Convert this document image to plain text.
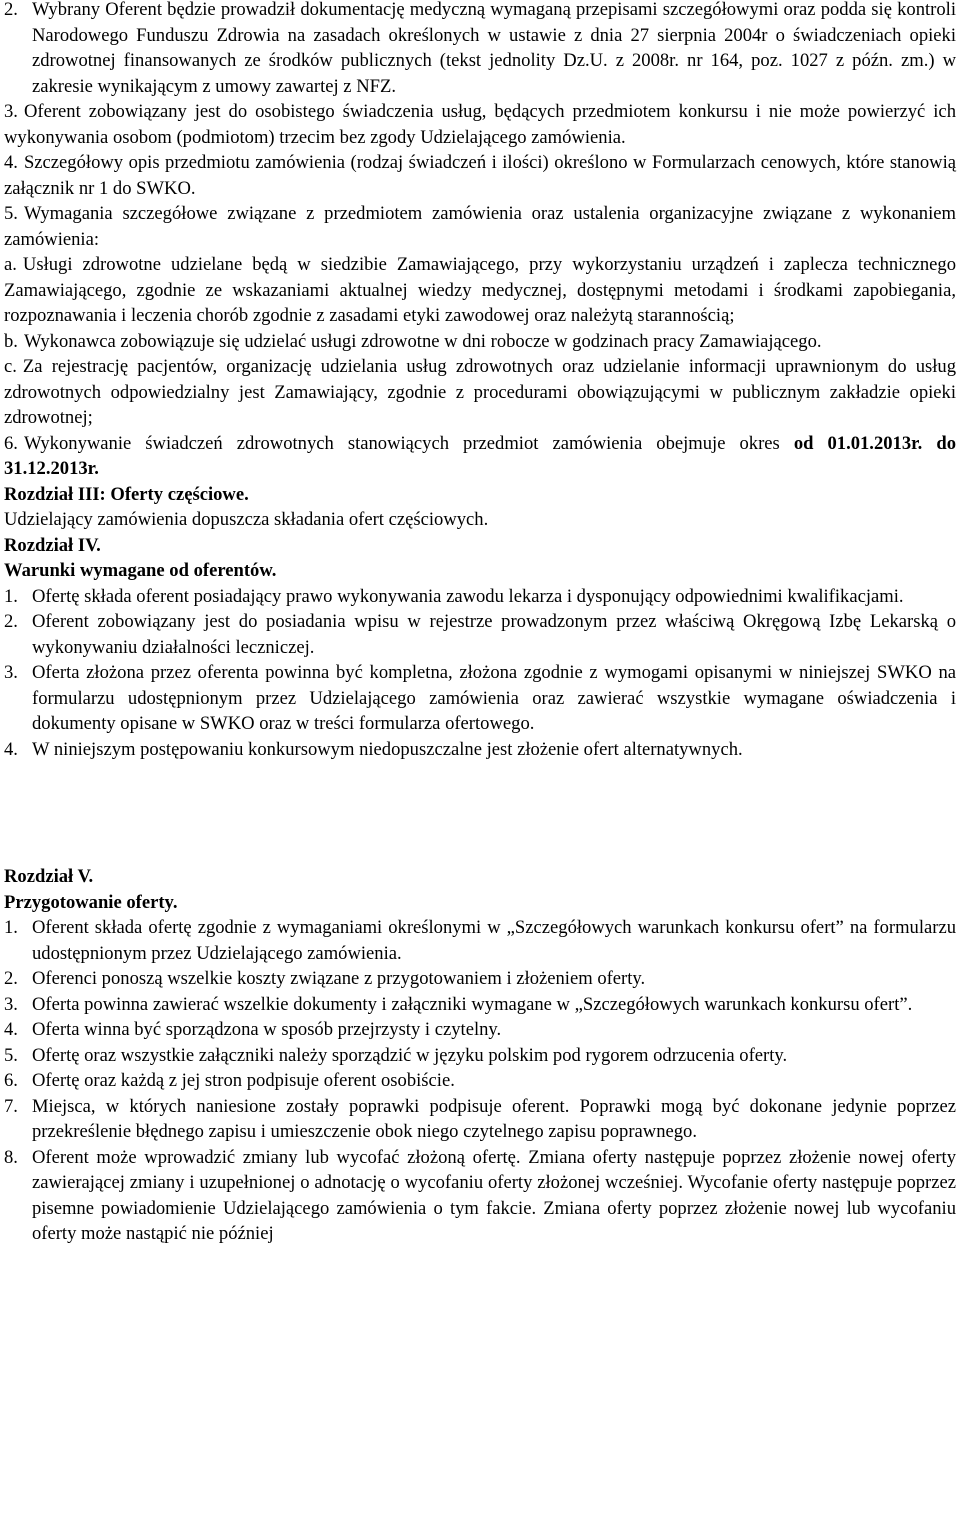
2. Wybrany Oferent będzie prowadził dokumentację medyczną wymaganą przepisami szczegółowymi oraz podda się kontroli Narodowego Funduszu Zdrowia na zasadach określonych w ustawie z dnia 27 sierpnia 2004r o świadczeniach opieki zdrowotnej finansowanych ze środków publicznych (tekst jednolity Dz.U. z 2008r. nr 164, poz. 1027 z późn. zm.) w zakresie wynikającym z umowy zawartej z NFZ.

3. Oferent zobowiązany jest do osobistego świadczenia usług, będących przedmiotem konkursu i nie może powierzyć ich wykonywania osobom (podmiotom) trzecim bez zgody Udzielającego zamówienia.

4. Szczegółowy opis przedmiotu zamówienia (rodzaj świadczeń i ilości) określono w Formularzach cenowych, które stanowią załącznik nr 1 do SWKO.

5. Wymagania szczegółowe związane z przedmiotem zamówienia oraz ustalenia organizacyjne związane z wykonaniem zamówienia:

a. Usługi zdrowotne udzielane będą w siedzibie Zamawiającego, przy wykorzystaniu urządzeń i zaplecza technicznego Zamawiającego, zgodnie ze wskazaniami aktualnej wiedzy medycznej, dostępnymi metodami i środkami zapobiegania, rozpoznawania i leczenia chorób zgodnie z zasadami etyki zawodowej oraz należytą starannością;

b. Wykonawca zobowiązuje się udzielać usługi zdrowotne w dni robocze w godzinach pracy Zamawiającego.

c. Za rejestrację pacjentów, organizację udzielania usług zdrowotnych oraz udzielanie informacji uprawnionym do usług zdrowotnych odpowiedzialny jest Zamawiający, zgodnie z procedurami obowiązującymi w publicznym zakładzie opieki zdrowotnej;

6. Wykonywanie świadczeń zdrowotnych stanowiących przedmiot zamówienia obejmuje okres od 01.01.2013r. do 31.12.2013r.

Rozdział III: Oferty częściowe.

Udzielający zamówienia dopuszcza składania ofert częściowych.

Rozdział IV.

Warunki wymagane od oferentów.

1. Ofertę składa oferent posiadający prawo wykonywania zawodu lekarza i dysponujący odpowiednimi kwalifikacjami.

2. Oferent zobowiązany jest do posiadania wpisu w rejestrze prowadzonym przez właściwą Okręgową Izbę Lekarską o wykonywaniu działalności leczniczej.

3. Oferta złożona przez oferenta powinna być kompletna, złożona zgodnie z wymogami opisanymi w niniejszej SWKO na formularzu udostępnionym przez Udzielającego zamówienia oraz zawierać wszystkie wymagane oświadczenia i dokumenty opisane w SWKO oraz w treści formularza ofertowego.

4. W niniejszym postępowaniu konkursowym niedopuszczalne jest złożenie ofert alternatywnych.

Rozdział V.

Przygotowanie oferty.

1. Oferent składa ofertę zgodnie z wymaganiami określonymi w „Szczegółowych warunkach konkursu ofert” na formularzu udostępnionym przez Udzielającego zamówienia.

2. Oferenci ponoszą wszelkie koszty związane z przygotowaniem i złożeniem oferty.

3. Oferta powinna zawierać wszelkie dokumenty i załączniki wymagane w „Szczegółowych warunkach konkursu ofert”.

4. Oferta winna być sporządzona w sposób przejrzysty i czytelny.

5. Ofertę oraz wszystkie załączniki należy sporządzić w języku polskim pod rygorem odrzucenia oferty.

6. Ofertę oraz każdą z jej stron podpisuje oferent osobiście.

7. Miejsca, w których naniesione zostały poprawki podpisuje oferent. Poprawki mogą być dokonane jedynie poprzez przekreślenie błędnego zapisu i umieszczenie obok niego czytelnego zapisu poprawnego.

8. Oferent może wprowadzić zmiany lub wycofać złożoną ofertę. Zmiana oferty następuje poprzez złożenie nowej oferty zawierającej zmiany i uzupełnionej o adnotację o wycofaniu oferty złożonej wcześniej. Wycofanie oferty następuje poprzez pisemne powiadomienie Udzielającego zamówienia o tym fakcie. Zmiana oferty poprzez złożenie nowej lub wycofaniu oferty może nastąpić nie później
